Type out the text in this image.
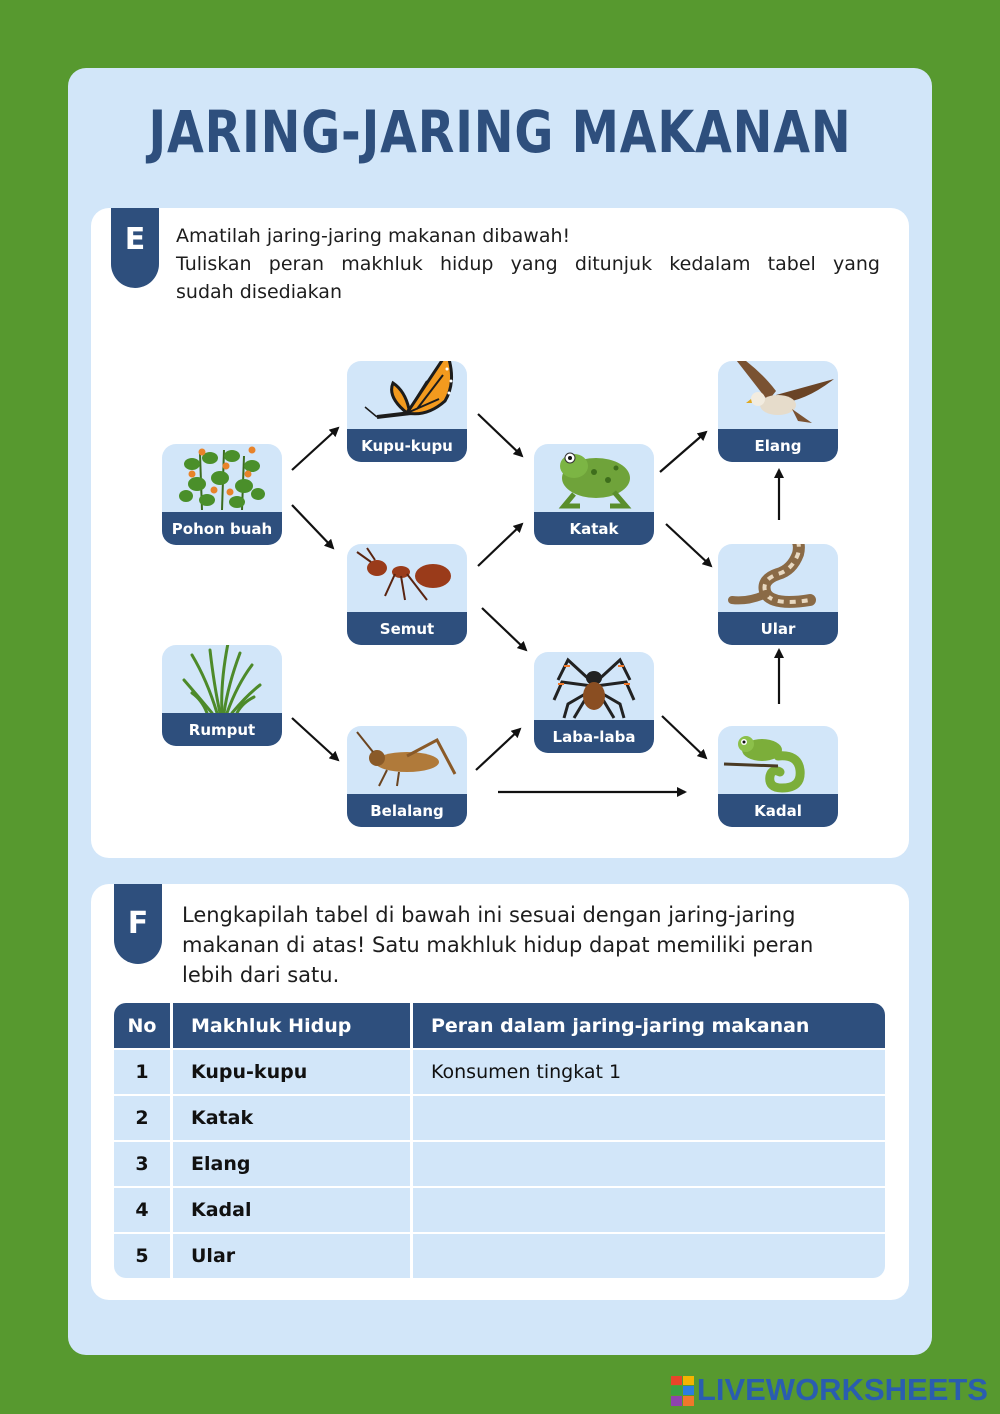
JARING-JARING MAKANAN
E	Amatilah jaring-jaring makanan dibawah!
Tuliskan peran makhluk hidup yang ditunjuk kedalam tabel yang
sudah disediakan
Pohon buah
Rumput
Kupu-kupu
Semut
Belalang
Katak
Laba-laba
Elang
Ular
Kadal
F	Lengkapilah tabel di bawah ini sesuai dengan jaring-jaring makanan di atas! Satu makhluk hidup dapat memiliki peran lebih dari satu.
No	Makhluk Hidup	Peran dalam jaring-jaring makanan
1	Kupu-kupu	Konsumen tingkat 1
2	Katak	
3	Elang	
4	Kadal	
5	Ular	
LIVEWORKSHEETS
